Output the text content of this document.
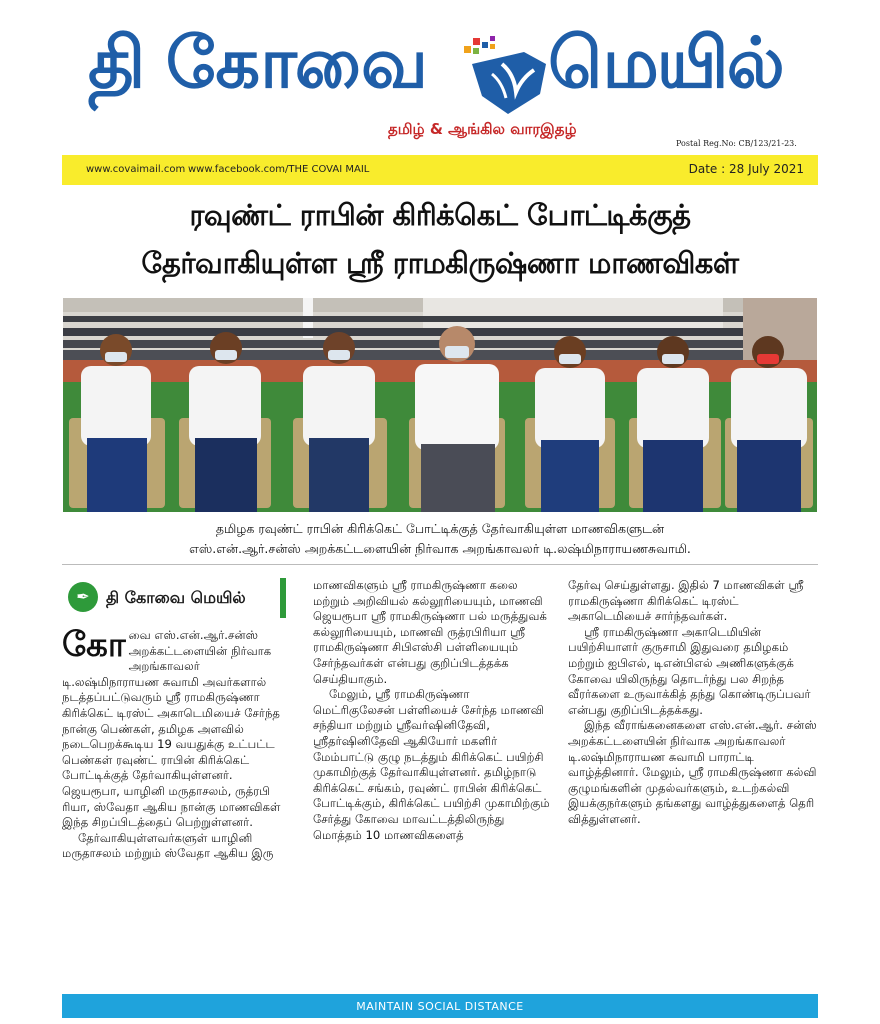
தி கோவை மெயில்
தமிழ் & ஆங்கில வாரஇதழ்
Postal Reg.No: CB/123/21-23.
www.covaimail.com www.facebook.com/THE COVAI MAIL	Date : 28 July 2021
ரவுண்ட் ராபின் கிரிக்கெட் போட்டிக்குத்
தேர்வாகியுள்ள ஸ்ரீ ராமகிருஷ்ணா மாணவிகள்
தமிழக ரவுண்ட் ராபின் கிரிக்கெட் போட்டிக்குத் தேர்வாகியுள்ள மாணவிகளுடன்
எஸ்.என்.ஆர்.சன்ஸ் அறக்கட்டளையின் நிர்வாக அறங்காவலர் டி.லஷ்மிநாராயணசுவாமி.
✒	தி கோவை மெயில்

கோவை எஸ்.என்.ஆர்.சன்ஸ் அறக்கட்டளையின் நிர்வாக அறங்காவலர் டி.லஷ்மிநாராயண சுவாமி அவர்களால் நடத்தப்பட்டுவரும் ஸ்ரீ ராமகிருஷ்ணா கிரிக்கெட் டிரஸ்ட் அகாடெமியைச் சேர்ந்த நான்கு பெண்கள், தமிழக அளவில் நடைபெறக்கூடிய 19 வயதுக்கு உட்பட்ட பெண்கள் ரவுண்ட் ராபின் கிரிக்கெட் போட்டிக்குத் தேர்வாகியுள்ளனர். ஜெயரூபா, யாழினி மருதாசலம், ருத்ரபி ரியா, ஸ்வேதா ஆகிய நான்கு மாணவிகள் இந்த சிறப்பிடத்தைப் பெற்றுள்ளனர்.

தேர்வாகியுள்ளவர்களுள் யாழினி மருதாசலம் மற்றும் ஸ்வேதா ஆகிய இரு

மாணவிகளும் ஸ்ரீ ராமகிருஷ்ணா கலை மற்றும் அறிவியல் கல்லூரியையும், மாணவி ஜெயரூபா ஸ்ரீ ராமகிருஷ்ணா பல் மருத்துவக் கல்லூரியையும், மாணவி ருத்ரபிரியா ஸ்ரீ ராமகிருஷ்ணா சிபிஎஸ்சி பள்ளியையும் சேர்ந்தவர்கள் என்பது குறிப்பிடத்தக்க செய்தியாகும்.

மேலும், ஸ்ரீ ராமகிருஷ்ணா மெட்ரிகுலேசன் பள்ளியைச் சேர்ந்த மாணவி சந்தியா மற்றும் ஸ்ரீவர்ஷினிதேவி, ஸ்ரீதர்ஷினிதேவி ஆகியோர் மகளிர் மேம்பாட்டு குழு நடத்தும் கிரிக்கெட் பயிற்சி முகாமிற்குத் தேர்வாகியுள்ளனர். தமிழ்நாடு கிரிக்கெட் சங்கம், ரவுண்ட் ராபின் கிரிக்கெட் போட்டிக்கும், கிரிக்கெட் பயிற்சி முகாமிற்கும் சேர்த்து கோவை மாவட்டத்திலிருந்து மொத்தம் 10 மாணவிகளைத்

தேர்வு செய்துள்ளது. இதில் 7 மாணவிகள் ஸ்ரீ ராமகிருஷ்ணா கிரிக்கெட் டிரஸ்ட் அகாடெமியைச் சார்ந்தவர்கள்.

ஸ்ரீ ராமகிருஷ்ணா அகாடெமியின் பயிற்சியாளர் குருசாமி இதுவரை தமிழகம் மற்றும் ஐபிஎல், டிஎன்பிஎல் அணிகளுக்குக் கோவை யிலிருந்து தொடர்ந்து பல சிறந்த வீரர்களை உருவாக்கித் தந்து கொண்டிருப்பவர் என்பது குறிப்பிடத்தக்கது.

இந்த வீராங்கனைகளை எஸ்.என்.ஆர். சன்ஸ் அறக்கட்டளையின் நிர்வாக அறங்காவலர் டி.லஷ்மிநாராயண சுவாமி பாராட்டி வாழ்த்தினார். மேலும், ஸ்ரீ ராமகிருஷ்ணா கல்வி குழுமங்களின் முதல்வர்களும், உடற்கல்வி இயக்குநர்களும் தங்களது வாழ்த்துகளைத் தெரி வித்துள்ளனர்.

MAINTAIN SOCIAL DISTANCE
